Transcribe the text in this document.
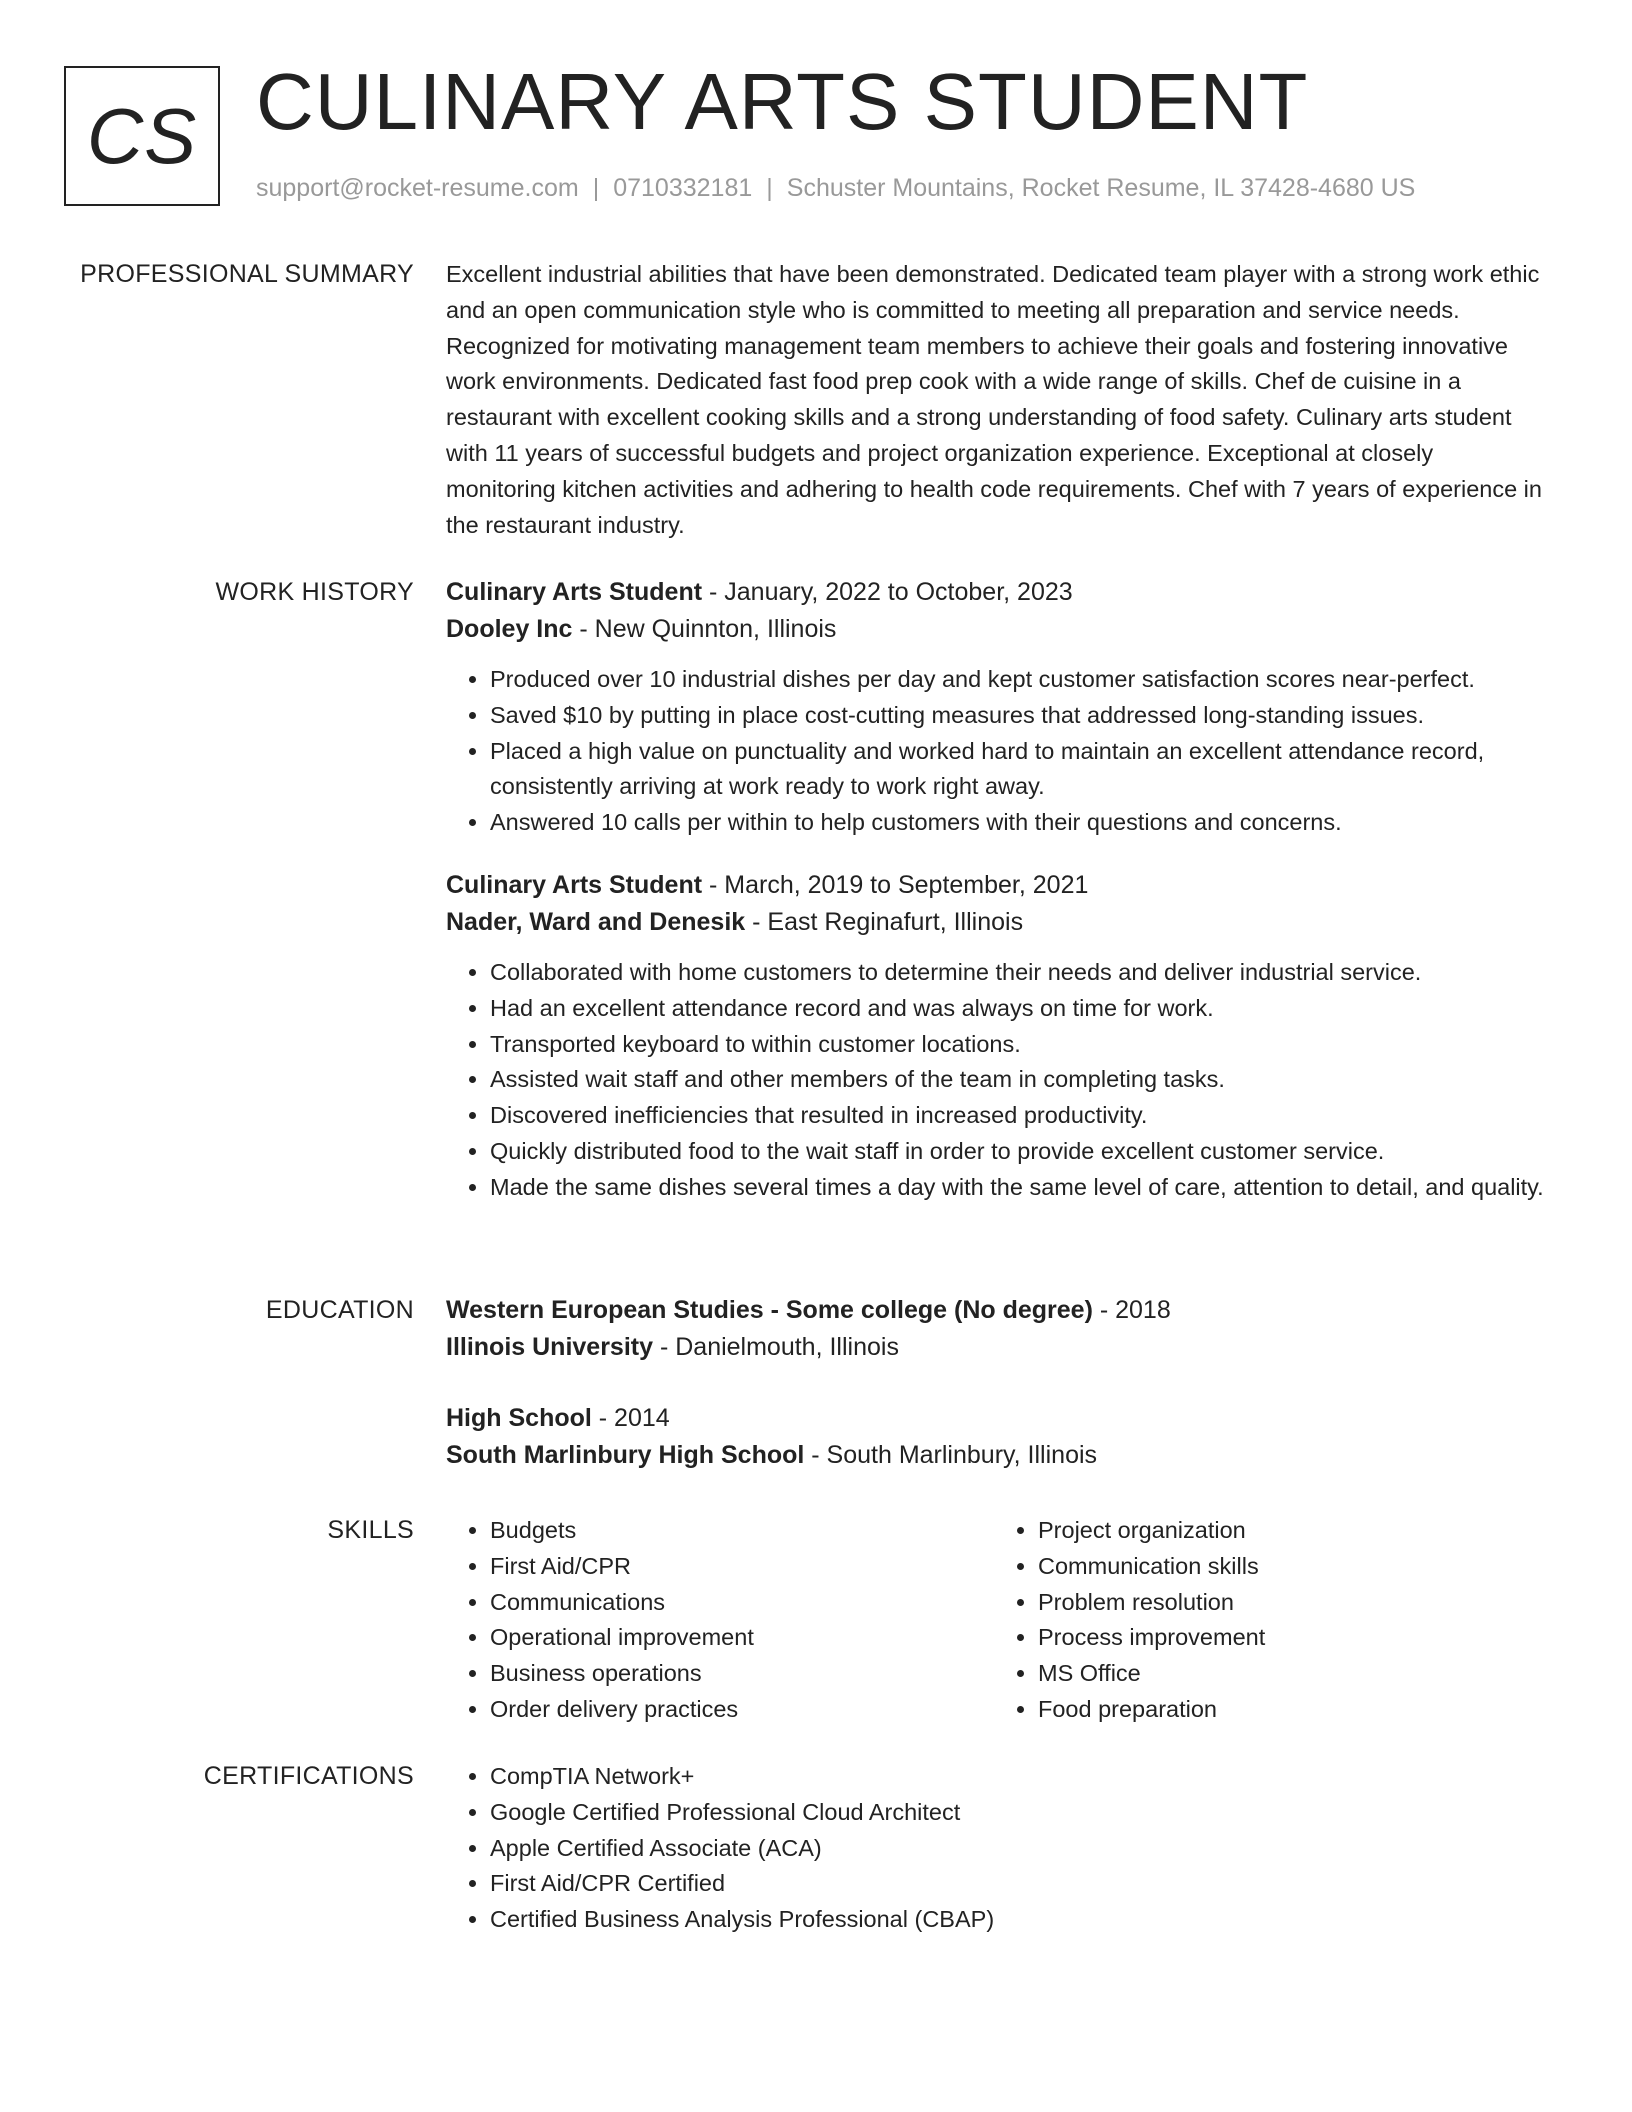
CS CULINARY ARTS STUDENT
support@rocket-resume.com | 0710332181 | Schuster Mountains, Rocket Resume, IL 37428-4680 US
PROFESSIONAL SUMMARY Excellent industrial abilities that have been demonstrated. Dedicated team player with a strong work ethic and an open communication style who is committed to meeting all preparation and service needs. Recognized for motivating management team members to achieve their goals and fostering innovative work environments. Dedicated fast food prep cook with a wide range of skills. Chef de cuisine in a restaurant with excellent cooking skills and a strong understanding of food safety. Culinary arts student with 11 years of successful budgets and project organization experience. Exceptional at closely monitoring kitchen activities and adhering to health code requirements. Chef with 7 years of experience in the restaurant industry.

WORK HISTORY Culinary Arts Student - January, 2022 to October, 2023
Dooley Inc - New Quinnton, Illinois
• Produced over 10 industrial dishes per day and kept customer satisfaction scores near-perfect.
• Saved $10 by putting in place cost-cutting measures that addressed long-standing issues.
• Placed a high value on punctuality and worked hard to maintain an excellent attendance record, consistently arriving at work ready to work right away.
• Answered 10 calls per within to help customers with their questions and concerns.
Culinary Arts Student - March, 2019 to September, 2021
Nader, Ward and Denesik - East Reginafurt, Illinois
• Collaborated with home customers to determine their needs and deliver industrial service.
• Had an excellent attendance record and was always on time for work.
• Transported keyboard to within customer locations.
• Assisted wait staff and other members of the team in completing tasks.
• Discovered inefficiencies that resulted in increased productivity.
• Quickly distributed food to the wait staff in order to provide excellent customer service.
• Made the same dishes several times a day with the same level of care, attention to detail, and quality.
EDUCATION Western European Studies - Some college (No degree) - 2018
Illinois University - Danielmouth, Illinois
High School - 2014
South Marlinbury High School - South Marlinbury, Illinois
SKILLS	• Budgets
• First Aid/CPR
• Communications
• Operational improvement
• Business operations
• Order delivery practices
• Project organization
• Communication skills
• Problem resolution
• Process improvement
• MS Office
• Food preparation
CERTIFICATIONS	• CompTIA Network+
• Google Certified Professional Cloud Architect
• Apple Certified Associate (ACA)
• First Aid/CPR Certified
• Certified Business Analysis Professional (CBAP)
